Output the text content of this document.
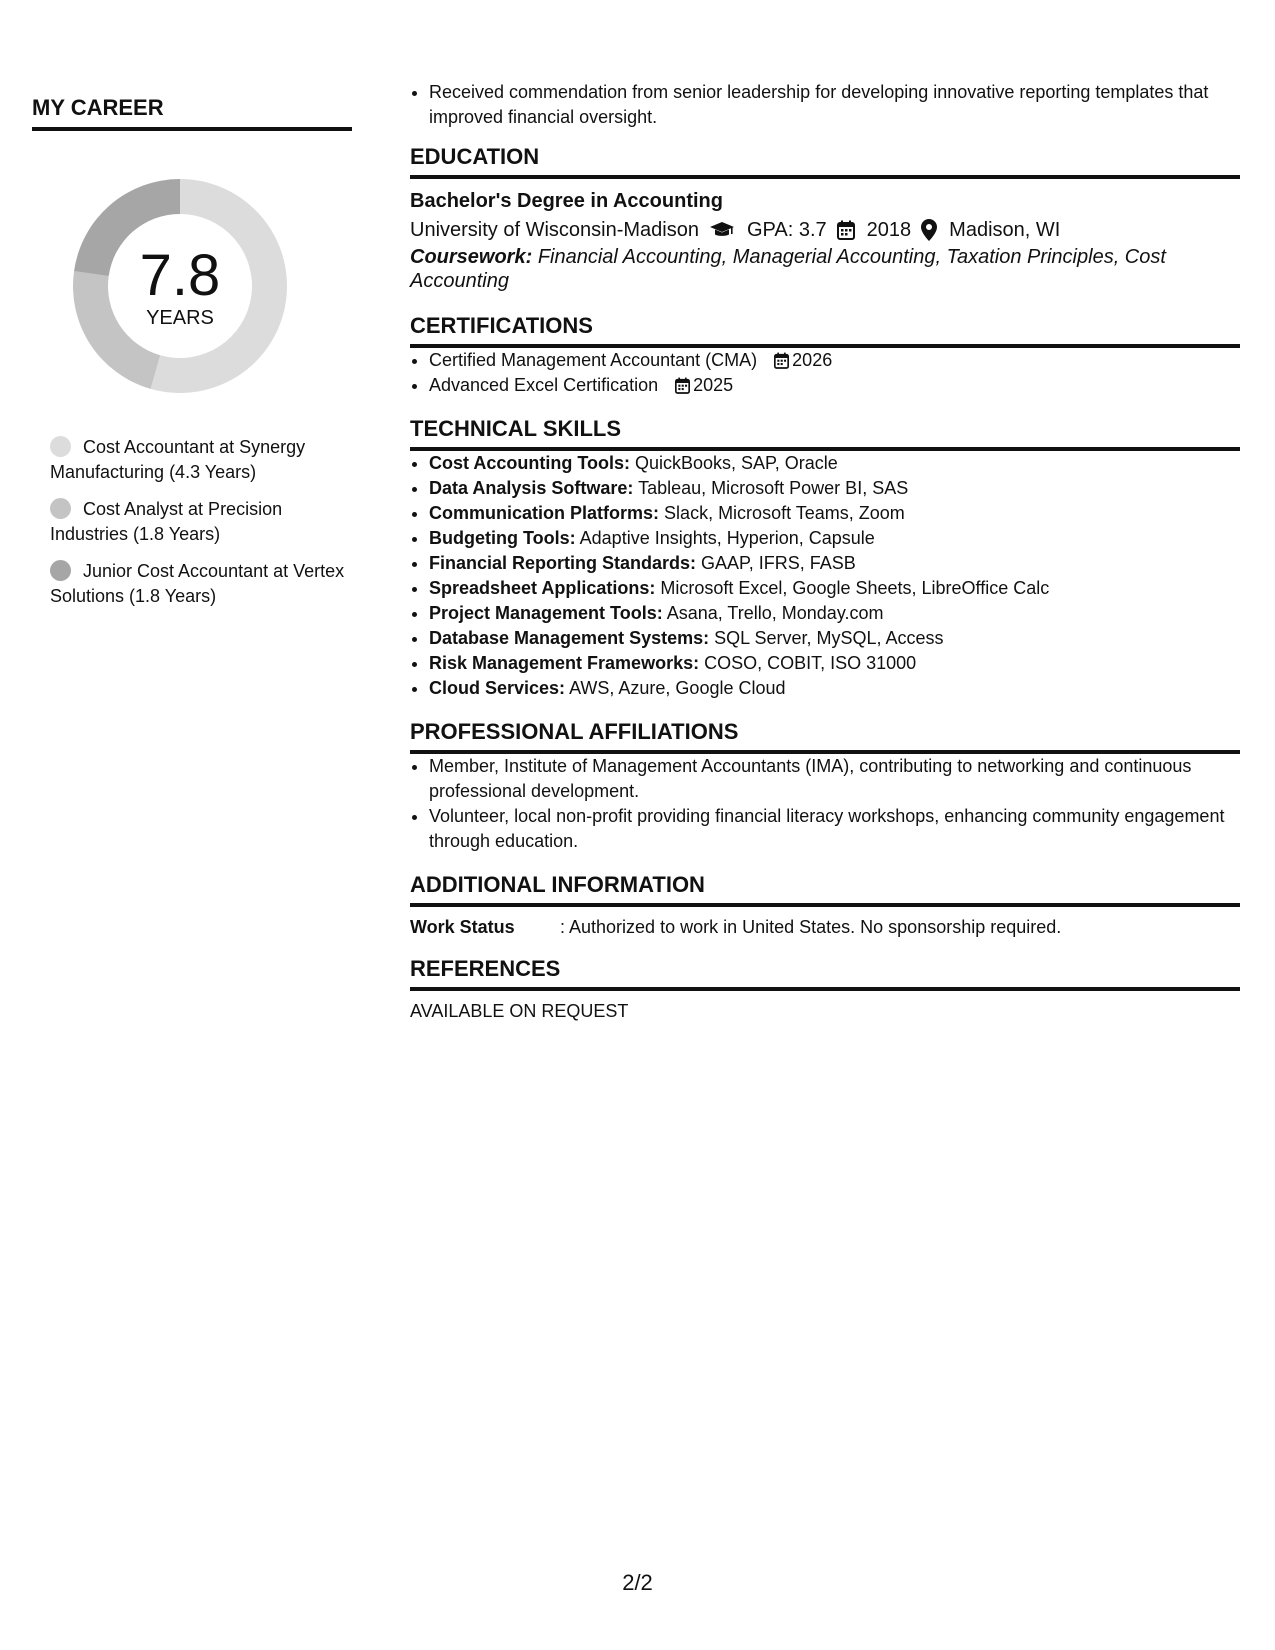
MY CAREER
7.8
YEARS
Cost Accountant at Synergy Manufacturing (4.3 Years)
Cost Analyst at Precision Industries (1.8 Years)
Junior Cost Accountant at Vertex Solutions (1.8 Years)
• Received commendation from senior leadership for developing innovative reporting templates that improved financial oversight.
EDUCATION
Bachelor's Degree in Accounting
University of Wisconsin-Madison GPA: 3.7 2018 Madison, WI
Coursework: Financial Accounting, Managerial Accounting, Taxation Principles, Cost Accounting
CERTIFICATIONS
• Certified Management Accountant (CMA) 2026
• Advanced Excel Certification 2025
TECHNICAL SKILLS
• Cost Accounting Tools: QuickBooks, SAP, Oracle
• Data Analysis Software: Tableau, Microsoft Power BI, SAS
• Communication Platforms: Slack, Microsoft Teams, Zoom
• Budgeting Tools: Adaptive Insights, Hyperion, Capsule
• Financial Reporting Standards: GAAP, IFRS, FASB
• Spreadsheet Applications: Microsoft Excel, Google Sheets, LibreOffice Calc
• Project Management Tools: Asana, Trello, Monday.com
• Database Management Systems: SQL Server, MySQL, Access
• Risk Management Frameworks: COSO, COBIT, ISO 31000
• Cloud Services: AWS, Azure, Google Cloud
PROFESSIONAL AFFILIATIONS
• Member, Institute of Management Accountants (IMA), contributing to networking and continuous professional development.
• Volunteer, local non-profit providing financial literacy workshops, enhancing community engagement through education.
ADDITIONAL INFORMATION
Work Status	: Authorized to work in United States. No sponsorship required.
REFERENCES
AVAILABLE ON REQUEST
2/2
